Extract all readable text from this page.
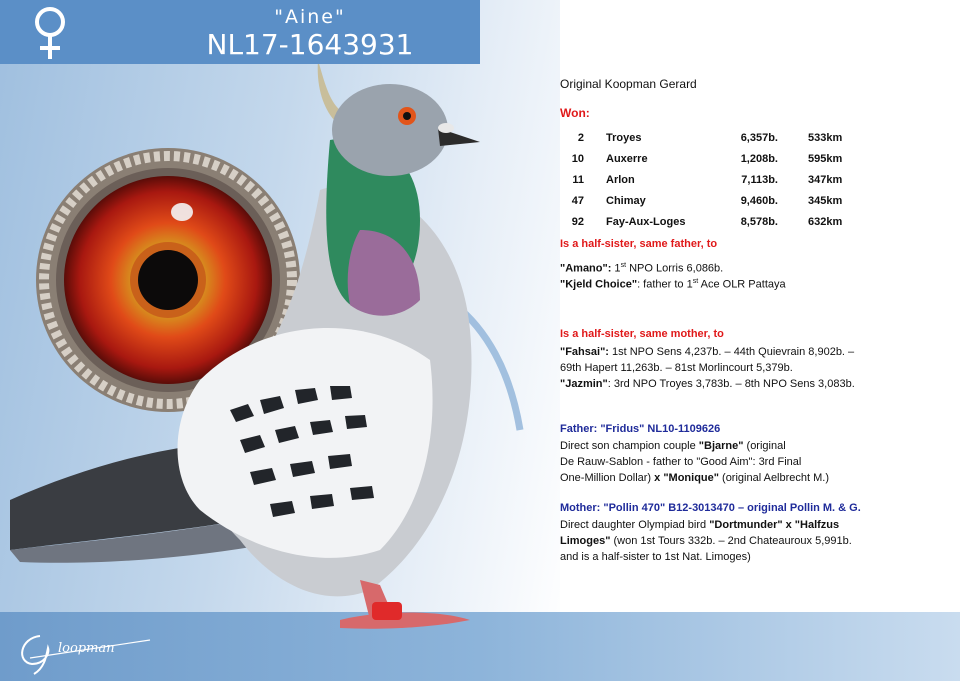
loopman
"Aine"
NL17-1643931
Original Koopman Gerard
Won:
2 Troyes	6,357b.	533km
10 Auxerre	1,208b.	595km
11 Arlon	7,113b.	347km
47 Chimay	9,460b.	345km
92 Fay-Aux-Loges	8,578b.	632km
Is a half-sister, same father, to
"Amano": 1st NPO Lorris 6,086b.
"Kjeld Choice": father to 1st Ace OLR Pattaya
Is a half-sister, same mother, to
"Fahsai": 1st NPO Sens 4,237b. – 44th Quievrain 8,902b. –
69th Hapert 11,263b. – 81st Morlincourt 5,379b.
"Jazmin": 3rd NPO Troyes 3,783b. – 8th NPO Sens 3,083b.
Father: "Fridus" NL10-1109626
Direct son champion couple "Bjarne" (original
De Rauw-Sablon - father to "Good Aim": 3rd Final
One-Million Dollar) x "Monique" (original Aelbrecht M.)
Mother: "Pollin 470" B12-3013470 – original Pollin M. & G.
Direct daughter Olympiad bird "Dortmunder" x "Halfzus
Limoges" (won 1st Tours 332b. – 2nd Chateauroux 5,991b.
and is a half-sister to 1st Nat. Limoges)
